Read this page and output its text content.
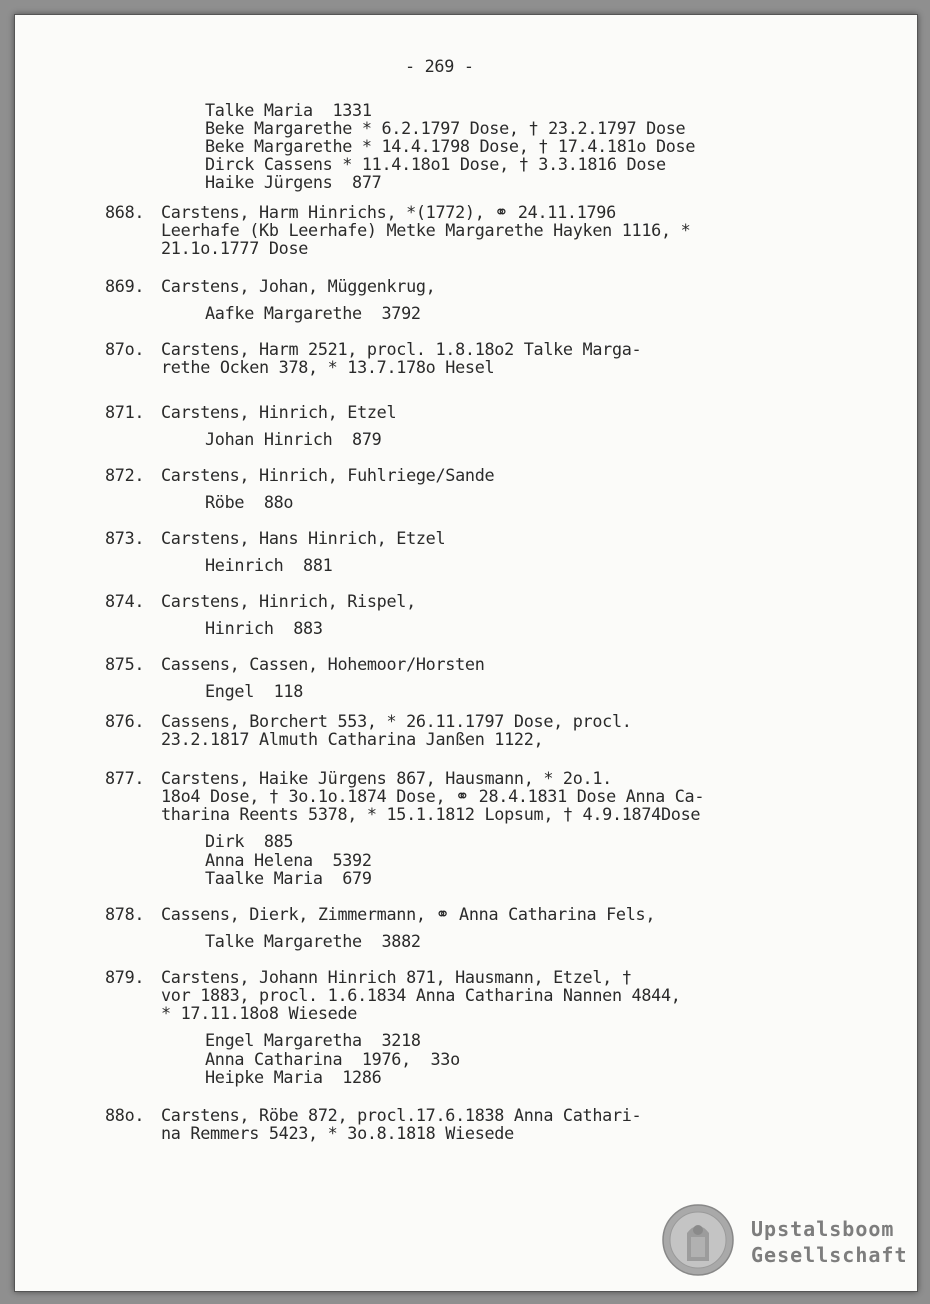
- 269 -
Talke Maria  1331
Beke Margarethe * 6.2.1797 Dose, † 23.2.1797 Dose
Beke Margarethe * 14.4.1798 Dose, † 17.4.181o Dose
Dirck Cassens * 11.4.18o1 Dose, † 3.3.1816 Dose
Haike Jürgens  877
868. Carstens, Harm Hinrichs, *(1772), ⚭ 24.11.1796
Leerhafe (Kb Leerhafe) Metke Margarethe Hayken 1116, *
21.1o.1777 Dose
869. Carstens, Johan, Müggenkrug,
Aafke Margarethe  3792
87o. Carstens, Harm 2521, procl. 1.8.18o2 Talke Marga-
rethe Ocken 378, * 13.7.178o Hesel
871. Carstens, Hinrich, Etzel
Johan Hinrich  879
872. Carstens, Hinrich, Fuhlriege/Sande
Röbe  88o
873. Carstens, Hans Hinrich, Etzel
Heinrich  881
874. Carstens, Hinrich, Rispel,
Hinrich  883
875. Cassens, Cassen, Hohemoor/Horsten
Engel  118
876. Cassens, Borchert 553, * 26.11.1797 Dose, procl.
23.2.1817 Almuth Catharina Janßen 1122,
877. Carstens, Haike Jürgens 867, Hausmann, * 2o.1.
18o4 Dose, † 3o.1o.1874 Dose, ⚭ 28.4.1831 Dose Anna Ca-
tharina Reents 5378, * 15.1.1812 Lopsum, † 4.9.1874Dose
Dirk  885
Anna Helena  5392
Taalke Maria  679
878. Cassens, Dierk, Zimmermann, ⚭ Anna Catharina Fels,
Talke Margarethe  3882
879. Carstens, Johann Hinrich 871, Hausmann, Etzel, †
vor 1883, procl. 1.6.1834 Anna Catharina Nannen 4844,
* 17.11.18o8 Wiesede
Engel Margaretha  3218
Anna Catharina  1976,  33o
Heipke Maria  1286
88o. Carstens, Röbe 872, procl.17.6.1838 Anna Cathari-
na Remmers 5423, * 3o.8.1818 Wiesede
Upstalsboom
Gesellschaft
